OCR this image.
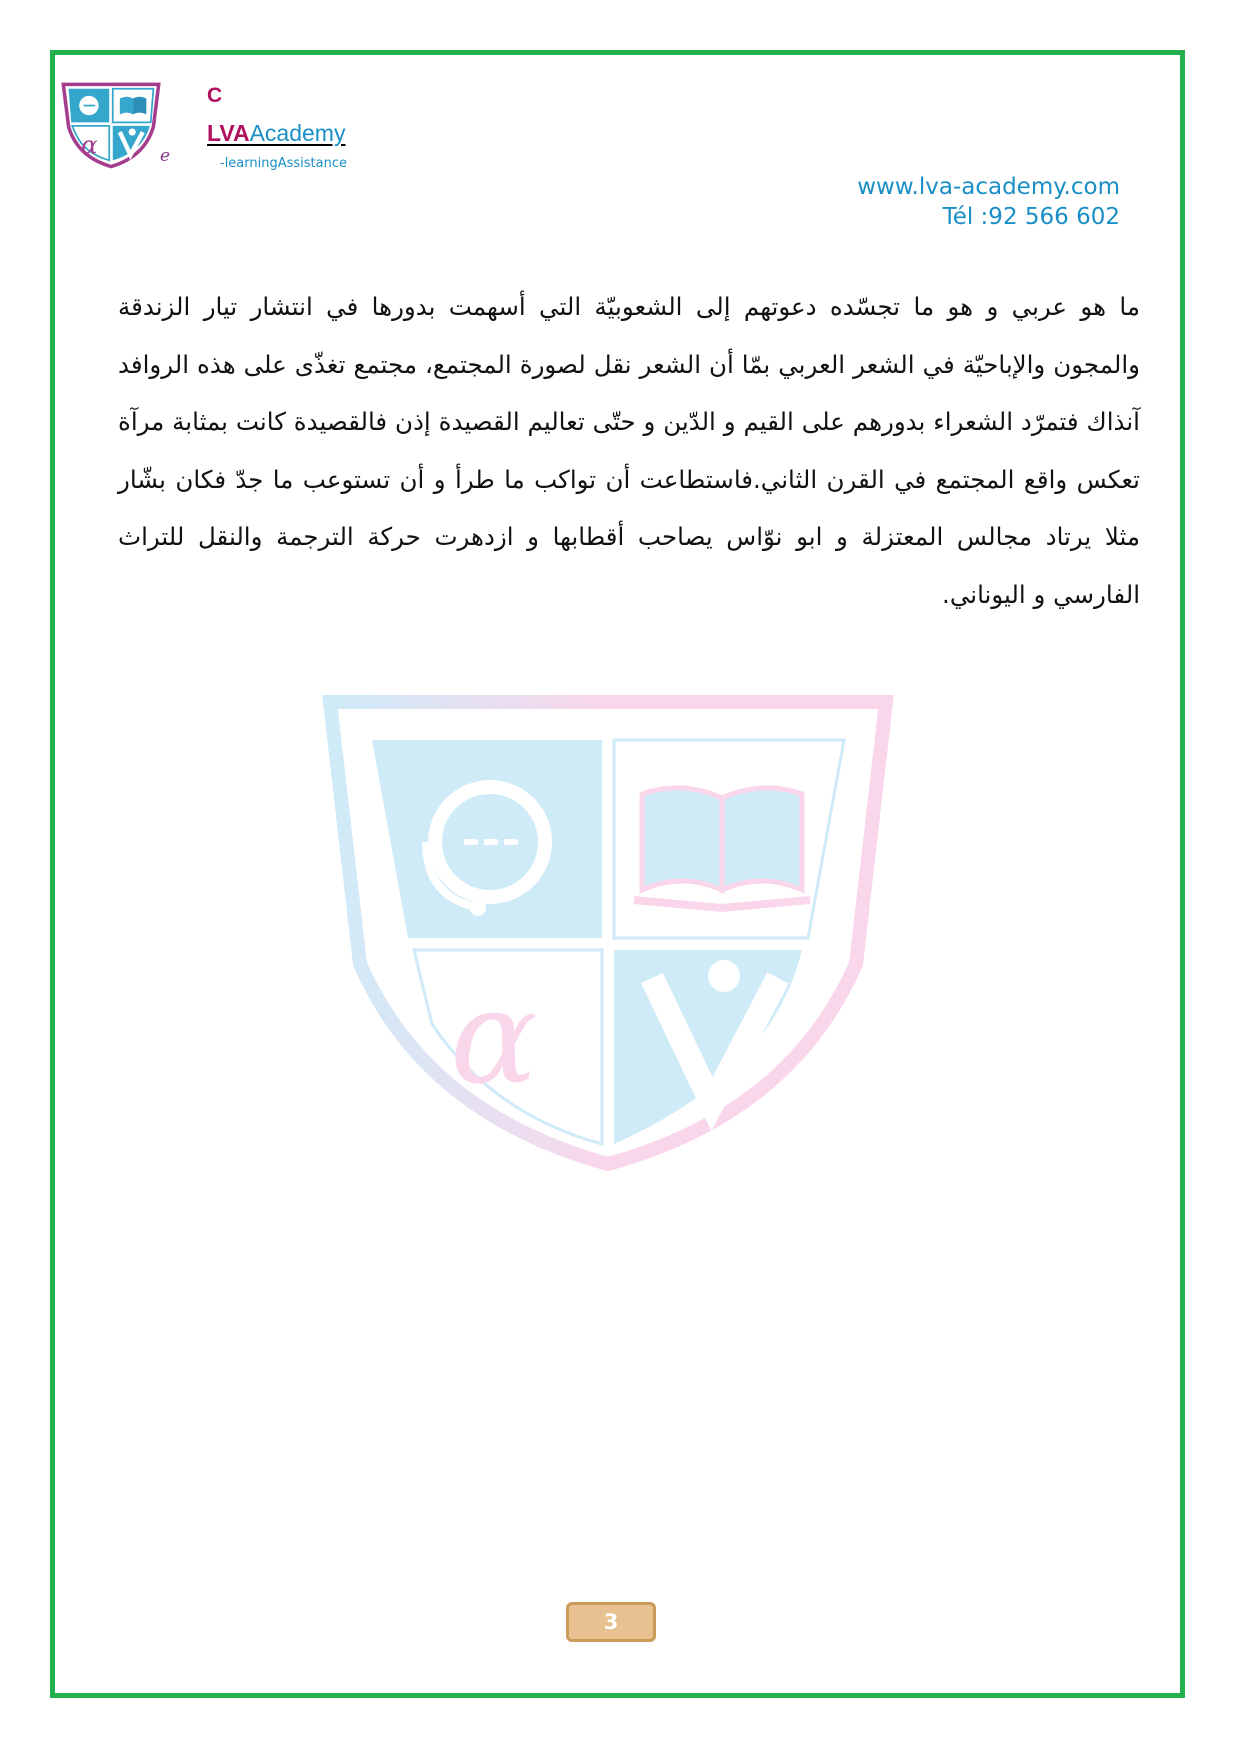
α	e
C
LVAAcademy
-learningAssistance
www.lva-academy.com
Tél :92 566 602
ما هو عربي و هو ما تجسّده دعوتهم إلى الشعوبيّة التي أسهمت بدورها في انتشار تيار الزندقة والمجون والإباحيّة في الشعر العربي بمّا أن الشعر نقل لصورة المجتمع، مجتمع تغذّى على هذه الروافد آنذاك فتمرّد الشعراء بدورهم على القيم و الدّين و حتّى تعاليم القصيدة إذن فالقصيدة كانت بمثابة مرآة تعكس واقع المجتمع في القرن الثاني.فاستطاعت أن تواكب ما طرأ و أن تستوعب ما جدّ فكان بشّار مثلا يرتاد مجالس المعتزلة و ابو نوّاس يصاحب أقطابها و ازدهرت حركة الترجمة والنقل للتراث الفارسي و اليوناني.
α
3
